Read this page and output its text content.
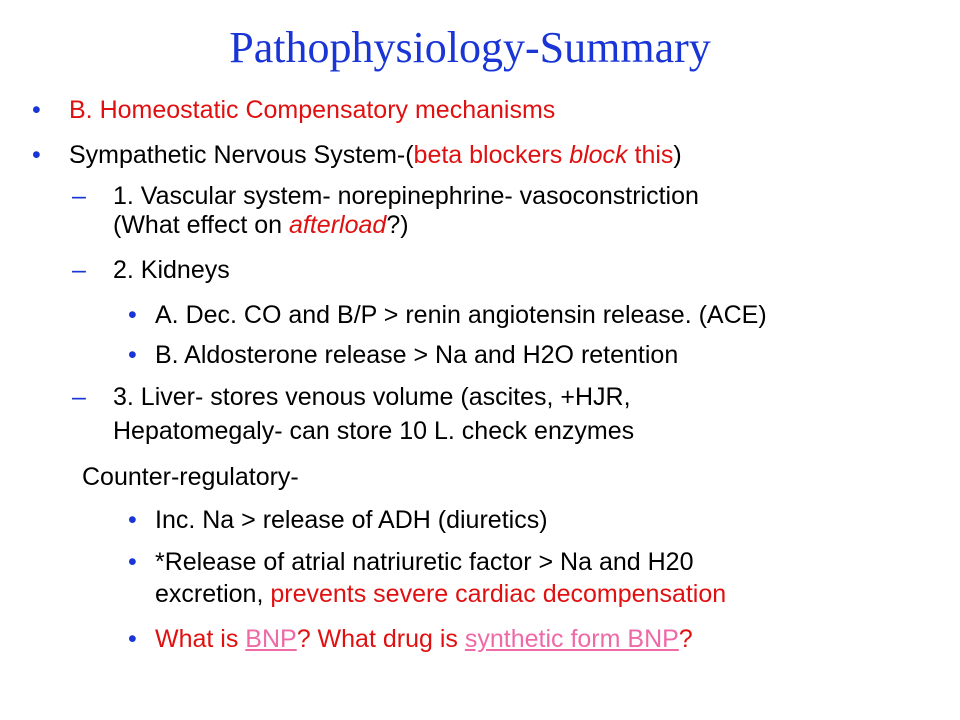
Pathophysiology-Summary
• B. Homeostatic Compensatory mechanisms
• Sympathetic Nervous System-(beta blockers block this)
– 1. Vascular system- norepinephrine- vasoconstriction
(What effect on afterload?)
– 2. Kidneys
• A. Dec. CO and B/P > renin angiotensin release. (ACE)
• B. Aldosterone release > Na and H2O retention
– 3. Liver- stores venous volume (ascites, +HJR,
Hepatomegaly- can store 10 L. check enzymes
Counter-regulatory-
• Inc. Na > release of ADH (diuretics)
• *Release of atrial natriuretic factor > Na and H20
excretion, prevents severe cardiac decompensation
• What is BNP? What drug is synthetic form BNP?
